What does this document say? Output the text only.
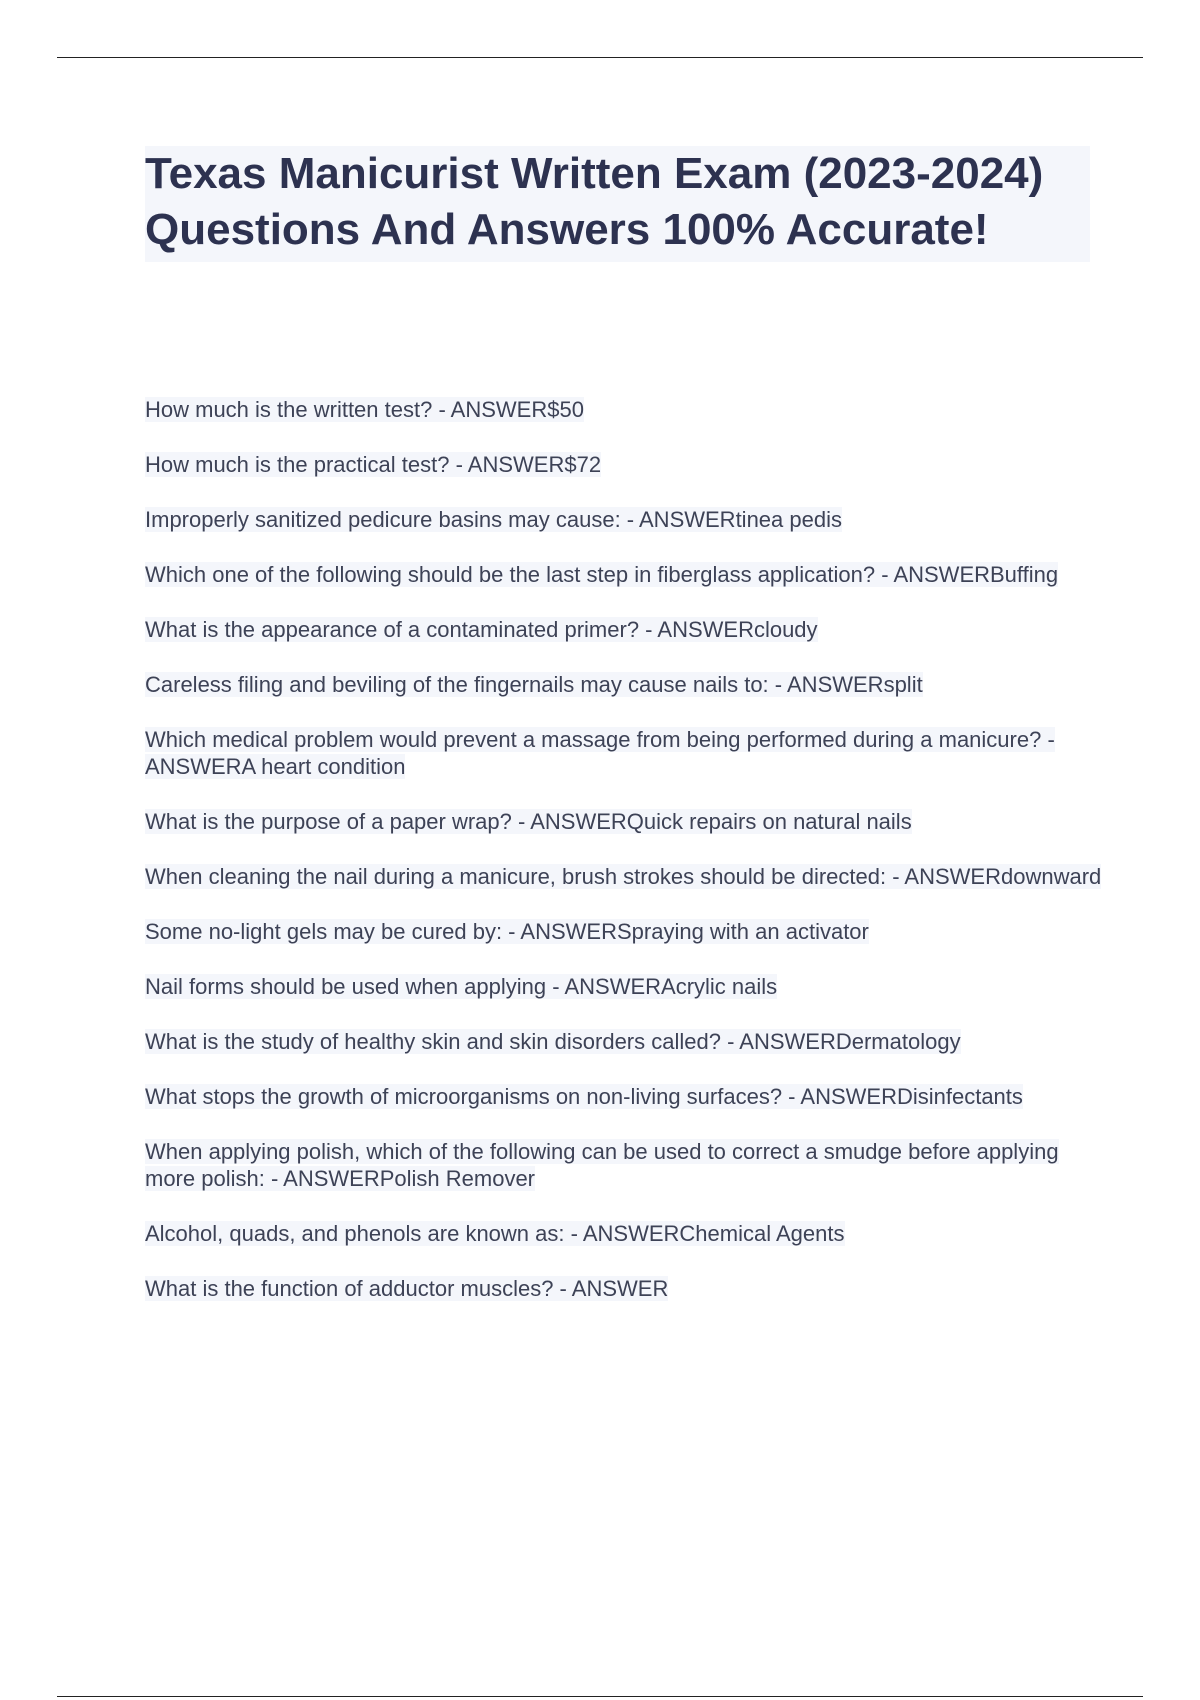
Texas Manicurist Written Exam (2023-2024) Questions And Answers 100% Accurate!
How much is the written test? - ANSWER$50
How much is the practical test? - ANSWER$72
Improperly sanitized pedicure basins may cause: - ANSWERtinea pedis
Which one of the following should be the last step in fiberglass application? - ANSWERBuffing
What is the appearance of a contaminated primer? - ANSWERcloudy
Careless filing and beviling of the fingernails may cause nails to: - ANSWERsplit
Which medical problem would prevent a massage from being performed during a manicure? - ANSWERA heart condition
What is the purpose of a paper wrap? - ANSWERQuick repairs on natural nails
When cleaning the nail during a manicure, brush strokes should be directed: - ANSWERdownward
Some no-light gels may be cured by: - ANSWERSpraying with an activator
Nail forms should be used when applying - ANSWERAcrylic nails
What is the study of healthy skin and skin disorders called? - ANSWERDermatology
What stops the growth of microorganisms on non-living surfaces? - ANSWERDisinfectants
When applying polish, which of the following can be used to correct a smudge before applying more polish: - ANSWERPolish Remover
Alcohol, quads, and phenols are known as: - ANSWERChemical Agents
What is the function of adductor muscles? - ANSWER
